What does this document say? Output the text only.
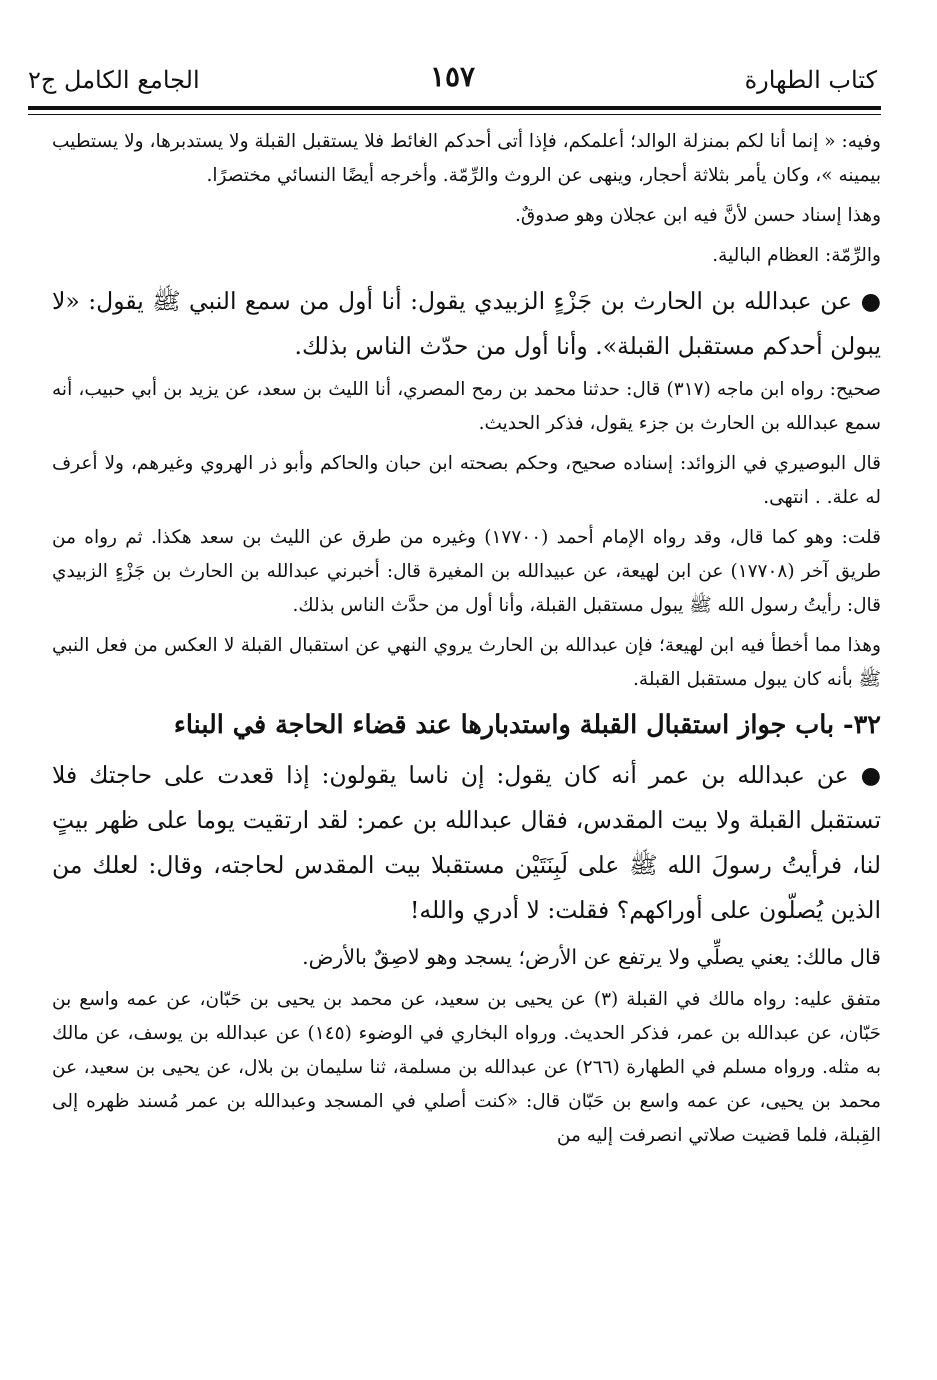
كتاب الطهارة
١٥٧
الجامع الكامل ج٢

وفيه: « إنما أنا لكم بمنزلة الوالد؛ أعلمكم، فإذا أتى أحدكم الغائط فلا يستقبل القبلة ولا يستدبرها، ولا يستطيب بيمينه »، وكان يأمر بثلاثة أحجار، وينهى عن الروث والرِّمّة. وأخرجه أيضًا النسائي مختصرًا.

وهذا إسناد حسن لأنَّ فيه ابن عجلان وهو صدوقٌ.

والرِّمّة: العظام البالية.

● عن عبدالله بن الحارث بن جَزْءٍ الزبيدي يقول: أنا أول من سمع النبي ﷺ يقول: «لا يبولن أحدكم مستقبل القبلة». وأنا أول من حدّث الناس بذلك.

صحيح: رواه ابن ماجه (٣١٧) قال: حدثنا محمد بن رمح المصري، أنا الليث بن سعد، عن يزيد بن أبي حبيب، أنه سمع عبدالله بن الحارث بن جزء يقول، فذكر الحديث.

قال البوصيري في الزوائد: إسناده صحيح، وحكم بصحته ابن حبان والحاكم وأبو ذر الهروي وغيرهم، ولا أعرف له علة. . انتهى.

قلت: وهو كما قال، وقد رواه الإمام أحمد (١٧٧٠٠) وغيره من طرق عن الليث بن سعد هكذا. ثم رواه من طريق آخر (١٧٧٠٨) عن ابن لهيعة، عن عبيدالله بن المغيرة قال: أخبرني عبدالله بن الحارث بن جَزْءٍ الزبيدي قال: رأيتُ رسول الله ﷺ يبول مستقبل القبلة، وأنا أول من حدَّث الناس بذلك.

وهذا مما أخطأ فيه ابن لهيعة؛ فإن عبدالله بن الحارث يروي النهي عن استقبال القبلة لا العكس من فعل النبي ﷺ بأنه كان يبول مستقبل القبلة.

٣٢- باب جواز استقبال القبلة واستدبارها عند قضاء الحاجة في البناء

● عن عبدالله بن عمر أنه كان يقول: إن ناسا يقولون: إذا قعدت على حاجتك فلا تستقبل القبلة ولا بيت المقدس، فقال عبدالله بن عمر: لقد ارتقيت يوما على ظهر بيتٍ لنا، فرأيتُ رسولَ الله ﷺ على لَبِنَتَيْن مستقبلا بيت المقدس لحاجته، وقال: لعلك من الذين يُصلّون على أوراكهم؟ فقلت: لا أدري والله!

قال مالك: يعني يصلِّي ولا يرتفع عن الأرض؛ يسجد وهو لاصِقٌ بالأرض.

متفق عليه: رواه مالك في القبلة (٣) عن يحيى بن سعيد، عن محمد بن يحيى بن حَبّان، عن عمه واسع بن حَبّان، عن عبدالله بن عمر، فذكر الحديث. ورواه البخاري في الوضوء (١٤٥) عن عبدالله بن يوسف، عن مالك به مثله. ورواه مسلم في الطهارة (٢٦٦) عن عبدالله بن مسلمة، ثنا سليمان بن بلال، عن يحيى بن سعيد، عن محمد بن يحيى، عن عمه واسع بن حَبّان قال: «كنت أصلي في المسجد وعبدالله بن عمر مُسند ظهره إلى القِبلة، فلما قضيت صلاتي انصرفت إليه من
